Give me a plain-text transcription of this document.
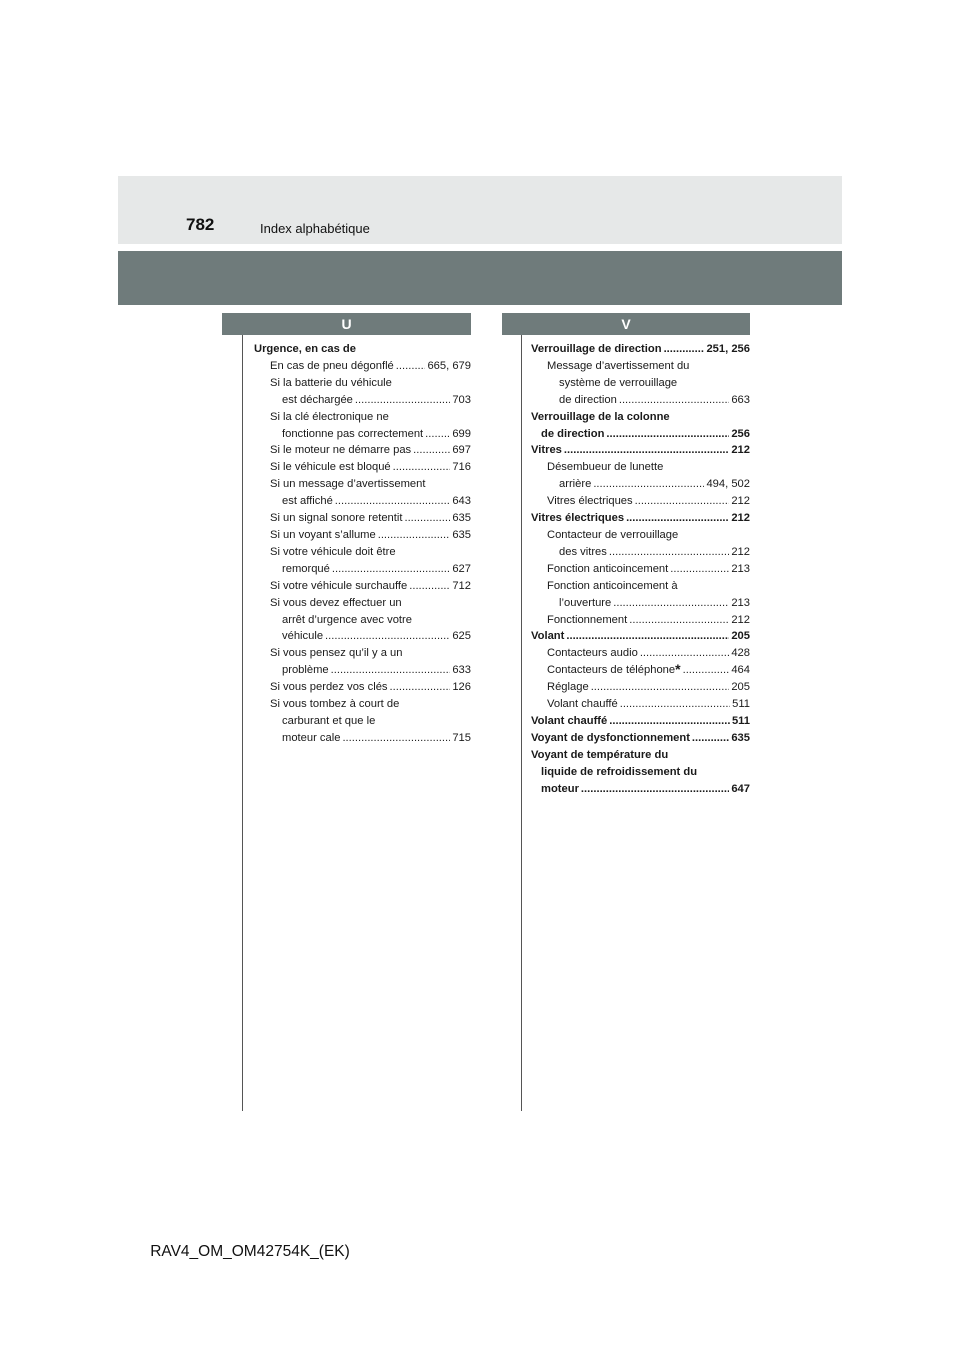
782	Index alphabétique
U	V
Urgence, en cas de
En cas de pneu dégonflé .....	665, 679
Si la batterie du véhicule
est déchargée .....	703
Si la clé électronique ne
fonctionne pas correctement .....	699
Si le moteur ne démarre pas .....	697
Si le véhicule est bloqué .....	716
Si un message d’avertissement
est affiché .....	643
Si un signal sonore retentit .....	635
Si un voyant s’allume .....	635
Si votre véhicule doit être
remorqué .....	627
Si votre véhicule surchauffe .....	712
Si vous devez effectuer un
arrêt d’urgence avec votre
véhicule .....	625
Si vous pensez qu’il y a un
problème .....	633
Si vous perdez vos clés .....	126
Si vous tombez à court de
carburant et que le
moteur cale .....	715
Verrouillage de direction .....	251, 256
Message d’avertissement du
système de verrouillage
de direction .....	663
Verrouillage de la colonne
de direction .....	256
Vitres .....	212
Désembueur de lunette
arrière .....	494, 502
Vitres électriques .....	212
Vitres électriques .....	212
Contacteur de verrouillage
des vitres .....	212
Fonction anticoincement .....	213
Fonction anticoincement à
l’ouverture .....	213
Fonctionnement .....	212
Volant .....	205
Contacteurs audio .....	428
Contacteurs de téléphone * .....	464
Réglage .....	205
Volant chauffé .....	511
Volant chauffé .....	511
Voyant de dysfonctionnement .....	635
Voyant de température du
liquide de refroidissement du
moteur .....	647
RAV4_OM_OM42754K_(EK)
